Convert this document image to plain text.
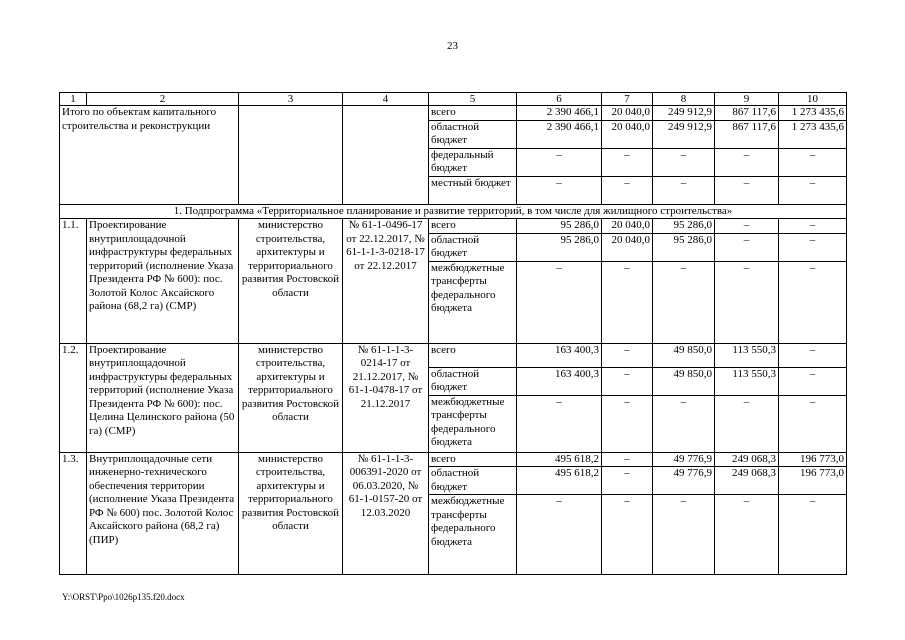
23
1	2	3	4	5	6	7	8	9	10
Итого по объектам капитального строительства и реконструкции				всего	2 390 466,1	20 040,0	249 912,9	867 117,6	1 273 435,6
				областной бюджет	2 390 466,1	20 040,0	249 912,9	867 117,6	1 273 435,6
				федеральный бюджет	–	–	–	–	–
				местный бюджет	–	–	–	–	–
1. Подпрограмма «Территориальное планирование и развитие территорий, в том числе для жилищного строительства»									
1.1.	Проектирование внутриплощадочной инфраструктуры федеральных территорий (исполнение Указа Президента РФ № 600): пос. Золотой Колос Аксайского района (68,2 га) (СМР)	министерство строительства, архитектуры и территориального развития Ростовской области	№ 61-1-0496-17 от 22.12.2017, № 61-1-1-3-0218-17 от 22.12.2017	всего	95 286,0	20 040,0	95 286,0	–	–
				областной бюджет	95 286,0	20 040,0	95 286,0	–	–
				межбюджетные трансферты федерального бюджета	–	–	–	–	–
1.2.	Проектирование внутриплощадочной инфраструктуры федеральных территорий (исполнение Указа Президента РФ № 600): пос. Целина Целинского района (50 га) (СМР)	министерство строительства, архитектуры и территориального развития Ростовской области	№ 61-1-1-3-0214-17 от 21.12.2017, № 61-1-0478-17 от 21.12.2017	всего	163 400,3	–	49 850,0	113 550,3	–
				областной бюджет	163 400,3	–	49 850,0	113 550,3	–
				межбюджетные трансферты федерального бюджета	–	–	–	–	–
1.3.	Внутриплощадочные сети инженерно-технического обеспечения территории (исполнение Указа Президента РФ № 600) пос. Золотой Колос Аксайского района (68,2 га) (ПИР)	министерство строительства, архитектуры и территориального развития Ростовской области	№ 61-1-1-3-006391-2020 от 06.03.2020, № 61-1-0157-20 от 12.03.2020	всего	495 618,2	–	49 776,9	249 068,3	196 773,0
				областной бюджет	495 618,2	–	49 776,9	249 068,3	196 773,0
				межбюджетные трансферты федерального бюджета	–	–	–	–	–
Y:\ORST\Ppo\1026p135.f20.docx
